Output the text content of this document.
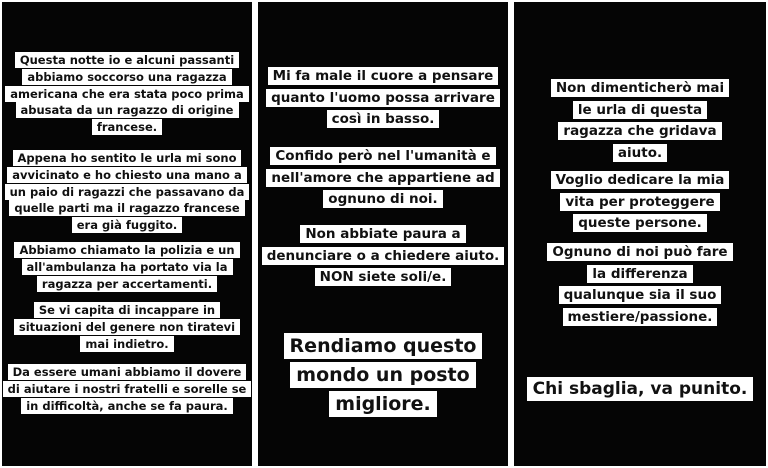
Questa notte io e alcuni passanti
abbiamo soccorso una ragazza
americana che era stata poco prima
abusata da un ragazzo di origine
francese.
Appena ho sentito le urla mi sono
avvicinato e ho chiesto una mano a
un paio di ragazzi che passavano da
quelle parti ma il ragazzo francese
era già fuggito.
Abbiamo chiamato la polizia e un
all'ambulanza ha portato via la
ragazza per accertamenti.
Se vi capita di incappare in
situazioni del genere non tiratevi
mai indietro.
Da essere umani abbiamo il dovere
di aiutare i nostri fratelli e sorelle se
in difficoltà, anche se fa paura.
Mi fa male il cuore a pensare
quanto l'uomo possa arrivare
così in basso.
Confido però nel l'umanità e
nell'amore che appartiene ad
ognuno di noi.
Non abbiate paura a
denunciare o a chiedere aiuto.
NON siete soli/e.
Rendiamo questo
mondo un posto
migliore.
Non dimenticherò mai
le urla di questa
ragazza che gridava
aiuto.
Voglio dedicare la mia
vita per proteggere
queste persone.
Ognuno di noi può fare
la differenza
qualunque sia il suo
mestiere/passione.
Chi sbaglia, va punito.
